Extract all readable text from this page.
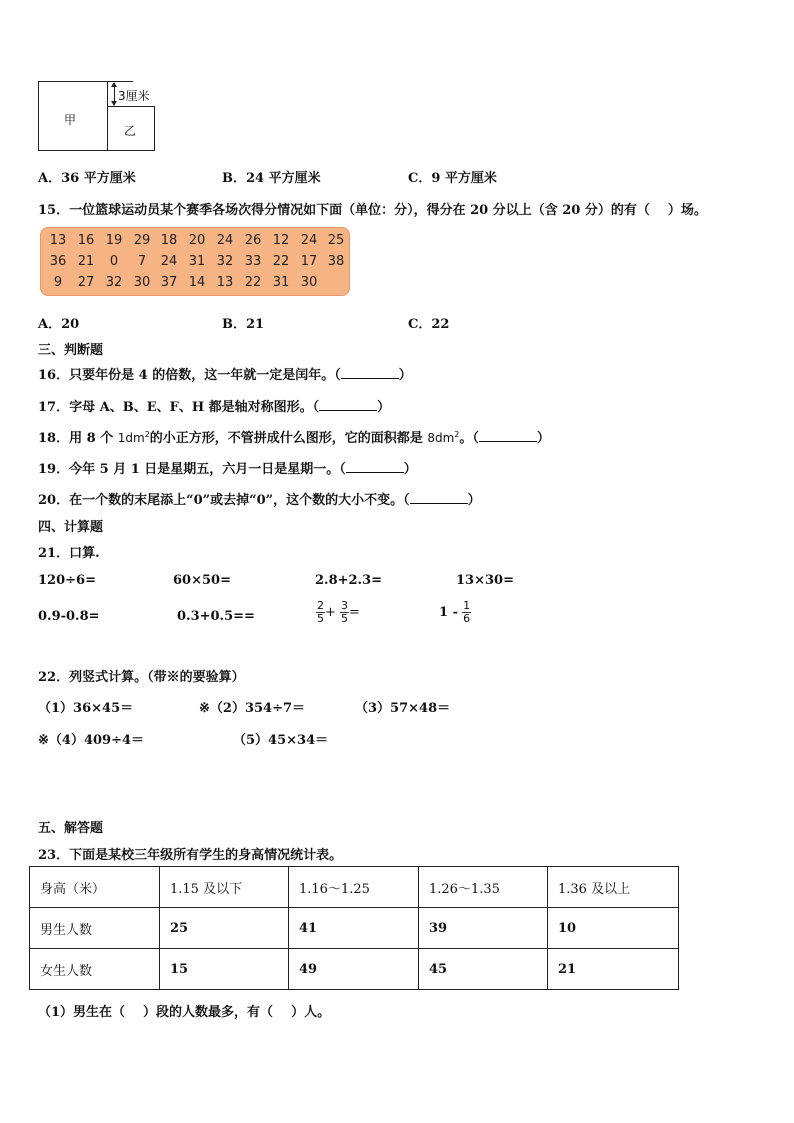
甲
乙
3厘米
A．36 平方厘米	B．24 平方厘米	C．9 平方厘米
15．一位篮球运动员某个赛季各场次得分情况如下面（单位：分），得分在 20 分以上（含 20 分）的有（ ）场。
13 16 19 29 18 20 24 26 12 24 25
36 21	0	7	24 31 32 33 22 17 38
9	27 32 30 37 14 13 22 31 30
A．20	B．21	C．22
三、判断题
16．只要年份是 4 的倍数，这一年就一定是闰年。（	）
17．字母 A、B、E、F、H 都是轴对称图形。（	）
18．用 8 个 $1dm^2$的小正方形，不管拼成什么图形，它的面积都是 $8dm^2$。（	）
19．今年 5 月 1 日是星期五，六月一日是星期一。（	）
20．在一个数的末尾添上“0”或去掉“0”，这个数的大小不变。（	）
四、计算题
21．口算.
120÷6=	60×50=	2.8+2.3=	13×30=
0.9-0.8=	0.3+0.5==	$\frac{2}{5} + \frac{3}{5}$ =	$1 - \frac{1}{6}$
22．列竖式计算。（带※的要验算）
（1）36×45＝	※（2）354÷7＝	（3）57×48＝
※（4）409÷4＝	（5）45×34＝
五、解答题
23．下面是某校三年级所有学生的身高情况统计表。
身高（米）	1.15 及以下	1.16～1.25	1.26～1.35	1.36 及以上
男生人数	25	41	39	10
女生人数	15	49	45	21
（1）男生在（ ）段的人数最多，有（ ）人。
